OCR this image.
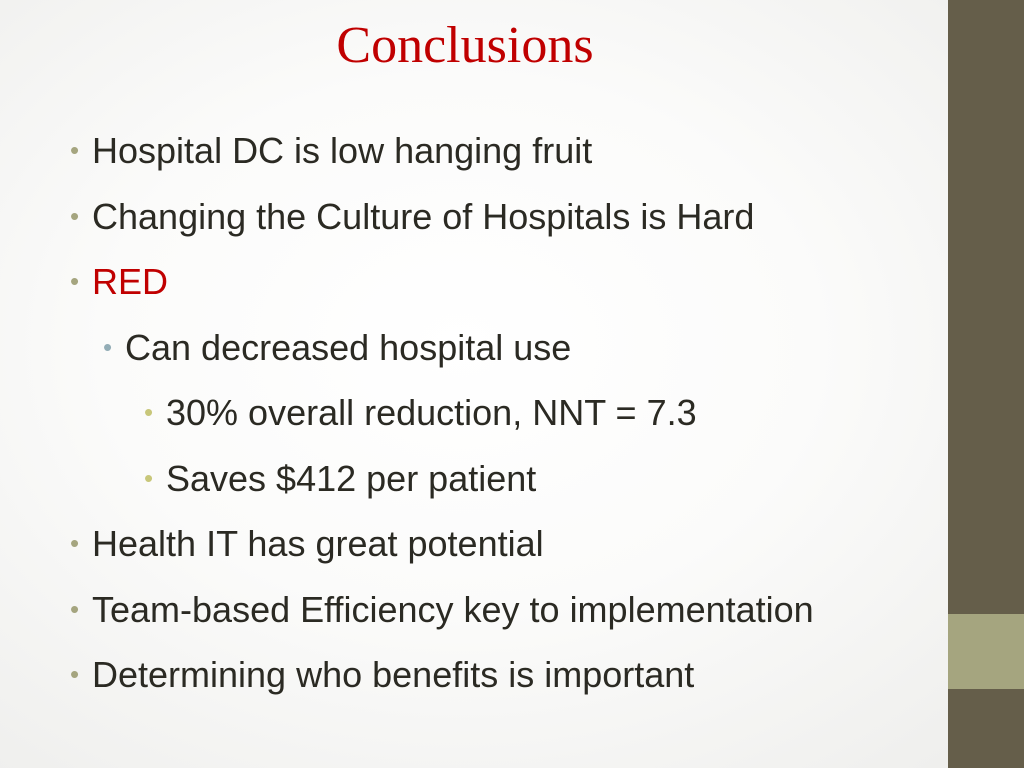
Conclusions
• Hospital DC is low hanging fruit
• Changing the Culture of Hospitals is Hard
• RED
• Can decreased hospital use
• 30% overall reduction, NNT = 7.3
• Saves $412 per patient
• Health IT has great potential
• Team-based Efficiency key to implementation
• Determining who benefits is important
